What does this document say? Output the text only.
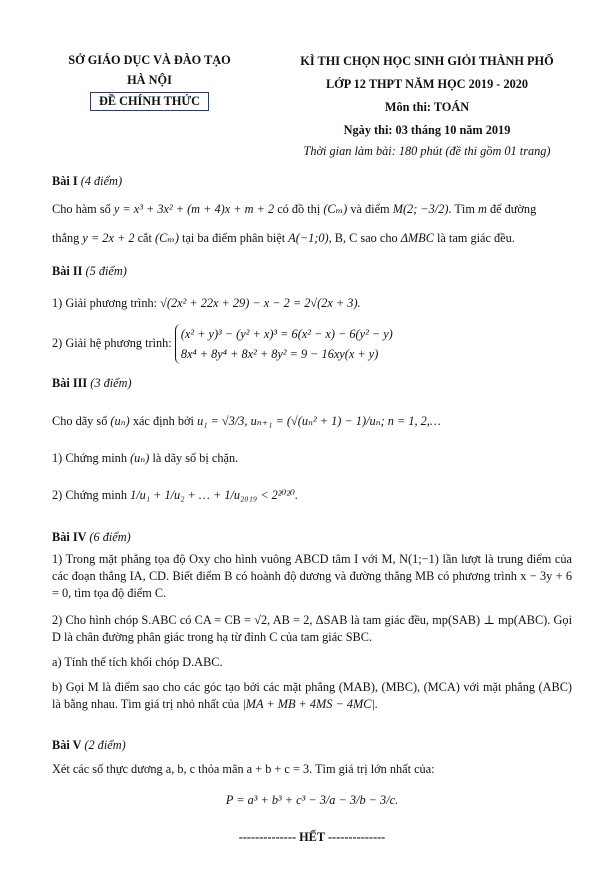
SỞ GIÁO DỤC VÀ ĐÀO TẠO
HÀ NỘI
ĐỀ CHÍNH THỨC
KÌ THI CHỌN HỌC SINH GIỎI THÀNH PHỐ
LỚP 12 THPT NĂM HỌC 2019 - 2020
Môn thi: TOÁN
Ngày thi: 03 tháng 10 năm 2019
Thời gian làm bài: 180 phút (đề thi gồm 01 trang)
Bài I (4 điểm)
Cho hàm số y = x³ + 3x² + (m + 4)x + m + 2 có đồ thị (Cₘ) và điểm M(2; −3/2). Tìm m để đường
thẳng y = 2x + 2 cắt (Cₘ) tại ba điểm phân biệt A(−1;0), B, C sao cho ΔMBC là tam giác đều.
Bài II (5 điểm)
1) Giải phương trình: √(2x² + 22x + 29) − x − 2 = 2√(2x + 3).
2) Giải hệ phương trình:
(x² + y)³ − (y² + x)³ = 6(x² − x) − 6(y² − y)
8x⁴ + 8y⁴ + 8x² + 8y² = 9 − 16xy(x + y)
Bài III (3 điểm)
Cho dãy số (uₙ) xác định bởi u₁ = √3/3, uₙ₊₁ = (√(uₙ² + 1) − 1)/uₙ; n = 1, 2,…
1) Chứng minh (uₙ) là dãy số bị chặn.
2) Chứng minh 1/u₁ + 1/u₂ + … + 1/u₂₀₁₉ < 2²⁰²⁰.
Bài IV (6 điểm)
1) Trong mặt phẳng tọa độ Oxy cho hình vuông ABCD tâm I với M, N(1;−1) lần lượt là trung điểm của các đoạn thẳng IA, CD. Biết điểm B có hoành độ dương và đường thẳng MB có phương trình x − 3y + 6 = 0, tìm tọa độ điểm C.
2) Cho hình chóp S.ABC có CA = CB = √2, AB = 2, ΔSAB là tam giác đều, mp(SAB) ⊥ mp(ABC). Gọi D là chân đường phân giác trong hạ từ đỉnh C của tam giác SBC.
a) Tính thể tích khối chóp D.ABC.
b) Gọi M là điểm sao cho các góc tạo bởi các mặt phẳng (MAB), (MBC), (MCA) với mặt phẳng (ABC) là bằng nhau. Tìm giá trị nhỏ nhất của |MA + MB + 4MS − 4MC|.
Bài V (2 điểm)
Xét các số thực dương a, b, c thỏa mãn a + b + c = 3. Tìm giá trị lớn nhất của:
P = a³ + b³ + c³ − 3/a − 3/b − 3/c.
-------------- HẾT --------------
